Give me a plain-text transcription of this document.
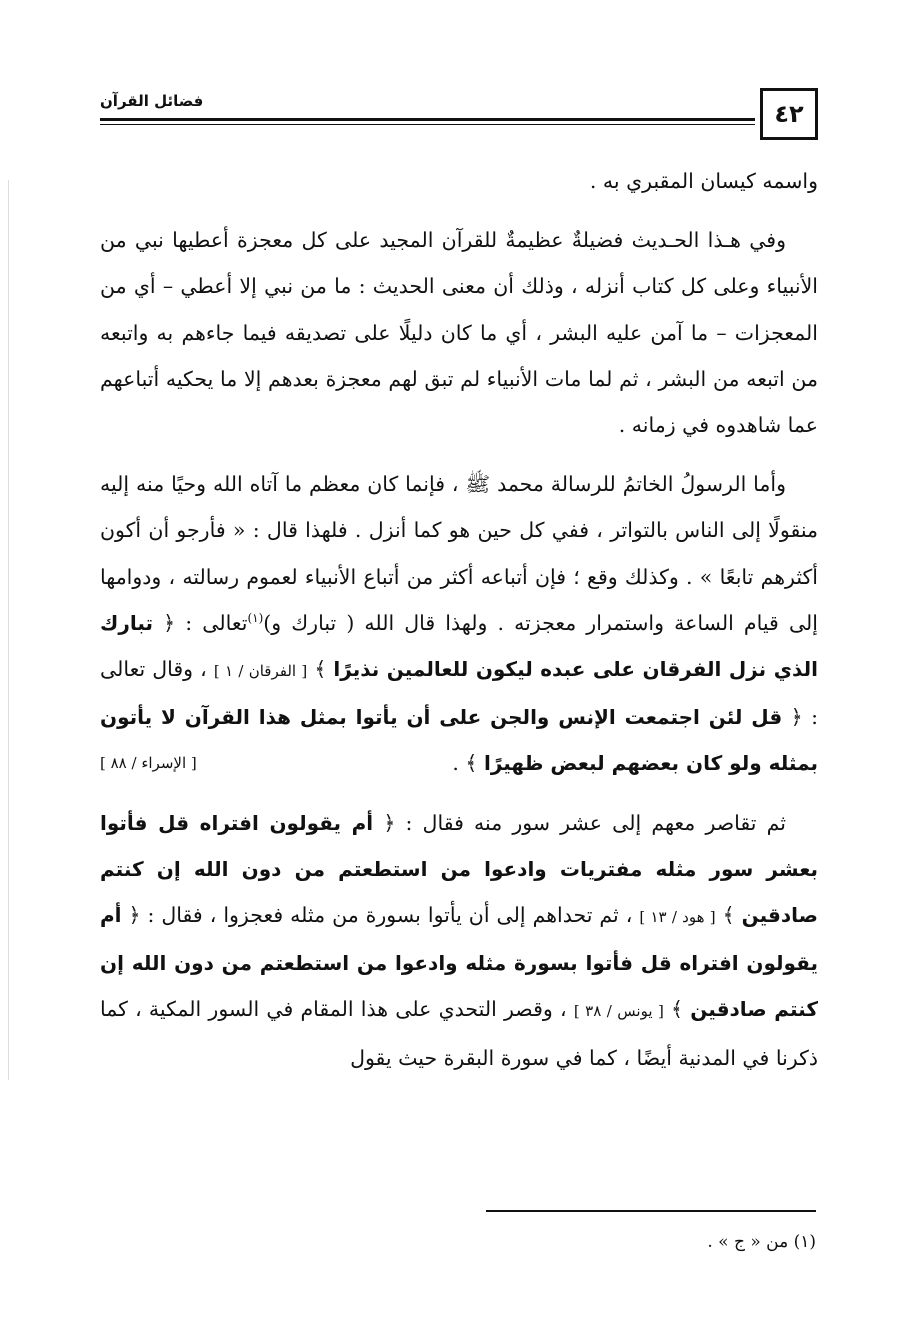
٤٢
فضائل القرآن

واسمه كيسان المقبري به .

وفي هـذا الحـديث فضيلةٌ عظيمةٌ للقرآن المجيد على كل معجزة أعطيها نبي من الأنبياء وعلى كل كتاب أنزله ، وذلك أن معنى الحديث : ما من نبي إلا أعطي – أي من المعجزات – ما آمن عليه البشر ، أي ما كان دليلًا على تصديقه فيما جاءهم به واتبعه من اتبعه من البشر ، ثم لما مات الأنبياء لم تبق لهم معجزة بعدهم إلا ما يحكيه أتباعهم عما شاهدوه في زمانه .

وأما الرسولُ الخاتمُ للرسالة محمد ﷺ ، فإنما كان معظم ما آتاه الله وحيًا منه إليه منقولًا إلى الناس بالتواتر ، ففي كل حين هو كما أنزل . فلهذا قال : « فأرجو أن أكون أكثرهم تابعًا » . وكذلك وقع ؛ فإن أتباعه أكثر من أتباع الأنبياء لعموم رسالته ، ودوامها إلى قيام الساعة واستمرار معجزته . ولهذا قال الله ( تبارك و)$^{(١)}$تعالى : ﴿ تبارك الذي نزل الفرقان على عبده ليكون للعالمين نذيرًا ﴾ [ الفرقان / ١ ] ، وقال تعالى : ﴿ قل لئن اجتمعت الإنس والجن على أن يأتوا بمثل هذا القرآن لا يأتون بمثله ولو كان بعضهم لبعض ظهيرًا ﴾ .
[ الإسراء / ٨٨ ]

ثم تقاصر معهم إلى عشر سور منه فقال : ﴿ أم يقولون افتراه قل فأتوا بعشر سور مثله مفتريات وادعوا من استطعتم من دون الله إن كنتم صادقين ﴾ [ هود / ١٣ ] ، ثم تحداهم إلى أن يأتوا بسورة من مثله فعجزوا ، فقال : ﴿ أم يقولون افتراه قل فأتوا بسورة مثله وادعوا من استطعتم من دون الله إن كنتم صادقين ﴾ [ يونس / ٣٨ ] ، وقصر التحدي على هذا المقام في السور المكية ، كما ذكرنا في المدنية أيضًا ، كما في سورة البقرة حيث يقول

(١) من « ج » .
